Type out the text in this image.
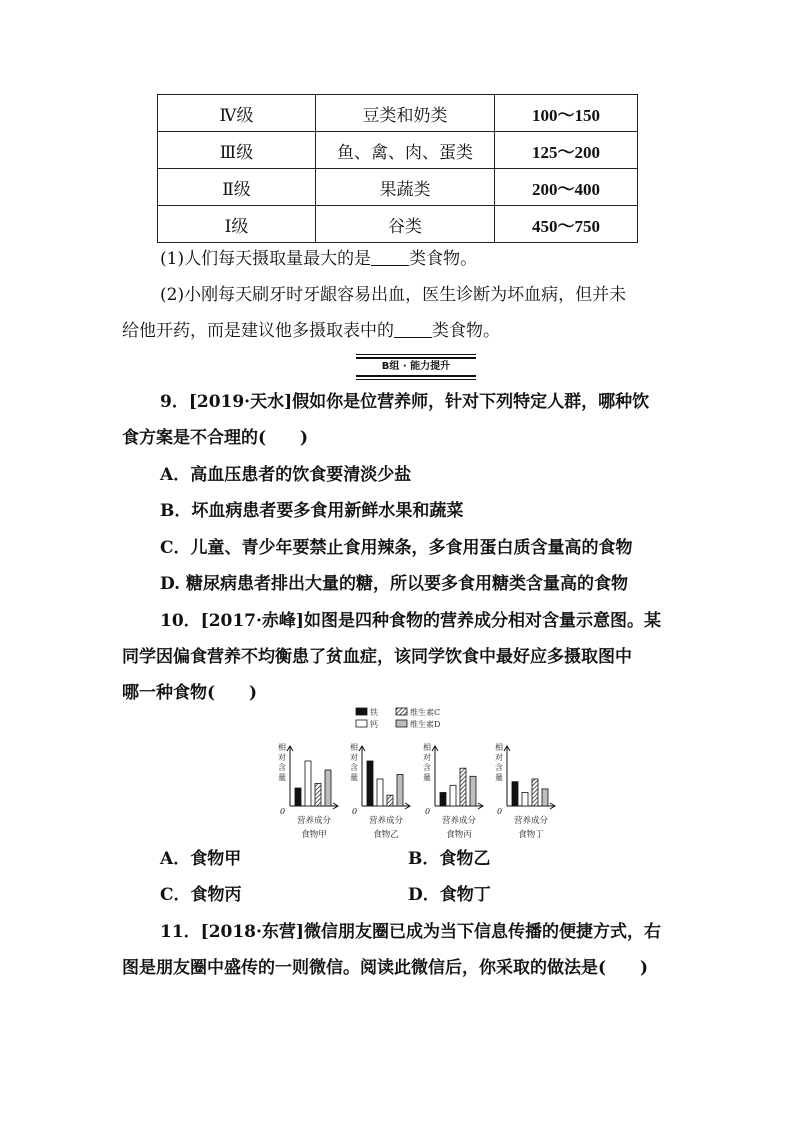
Ⅳ级	豆类和奶类	100～150
Ⅲ级	鱼、禽、肉、蛋类	125～200
Ⅱ级	果蔬类	200～400
Ⅰ级	谷类	450～750
(1)人们每天摄取量最大的是 类食物。
(2)小刚每天刷牙时牙龈容易出血，医生诊断为坏血病，但并未
给他开药，而是建议他多摄取表中的 类食物。
B组 · 能力提升
9．[2019·天水]假如你是位营养师，针对下列特定人群，哪种饮
食方案是不合理的(　　)
A．高血压患者的饮食要清淡少盐
B．坏血病患者要多食用新鲜水果和蔬菜
C．儿童、青少年要禁止食用辣条，多食用蛋白质含量高的食物
D. 糖尿病患者排出大量的糖，所以要多食用糖类含量高的食物
10．[2017·赤峰]如图是四种食物的营养成分相对含量示意图。某
同学因偏食营养不均衡患了贫血症，该同学饮食中最好应多摄取图中
哪一种食物(　　)
铁
钙
维生素C
维生素D
相
对
含
量
0
营养成分
食物甲
相
对
含
量
0
营养成分
食物乙
相
对
含
量
0
营养成分
食物丙
相
对
含
量
0
营养成分
食物丁
A．食物甲	B．食物乙
C．食物丙	D．食物丁
11．[2018·东营]微信朋友圈已成为当下信息传播的便捷方式，右
图是朋友圈中盛传的一则微信。阅读此微信后，你采取的做法是(　　)
